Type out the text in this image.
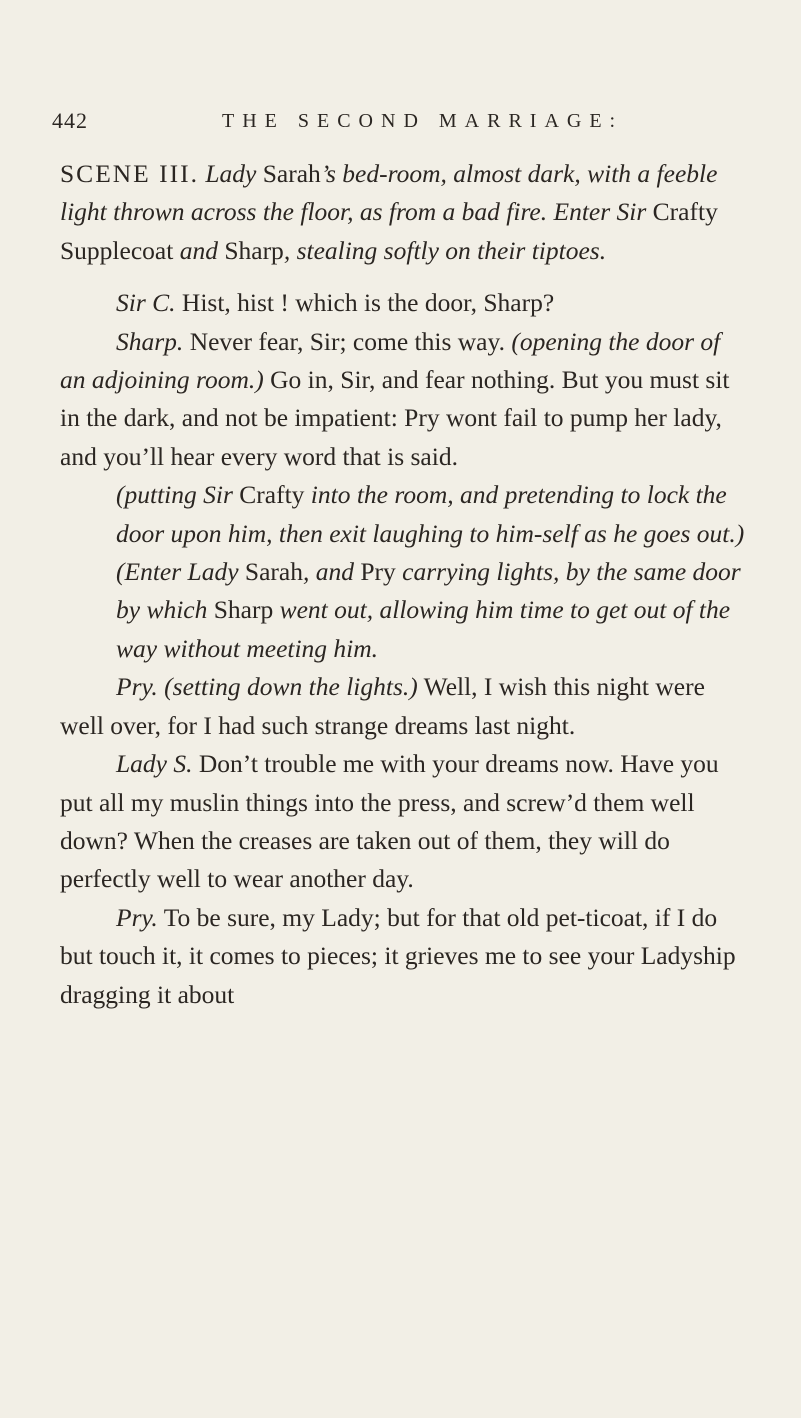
442	THE SECOND MARRIAGE:

SCENE III. Lady Sarah’s bed-room, almost dark, with a feeble light thrown across the floor, as from a bad fire. Enter Sir Crafty Supplecoat and Sharp, stealing softly on their tiptoes.

Sir C. Hist, hist ! which is the door, Sharp?

Sharp. Never fear, Sir; come this way. (opening the door of an adjoining room.) Go in, Sir, and fear nothing. But you must sit in the dark, and not be impatient: Pry wont fail to pump her lady, and you’ll hear every word that is said.

(putting Sir Crafty into the room, and pretending to lock the door upon him, then exit laughing to him-self as he goes out.)

(Enter Lady Sarah, and Pry carrying lights, by the same door by which Sharp went out, allowing him time to get out of the way without meeting him.

Pry. (setting down the lights.) Well, I wish this night were well over, for I had such strange dreams last night.

Lady S. Don’t trouble me with your dreams now. Have you put all my muslin things into the press, and screw’d them well down? When the creases are taken out of them, they will do perfectly well to wear another day.

Pry. To be sure, my Lady; but for that old pet-ticoat, if I do but touch it, it comes to pieces; it grieves me to see your Ladyship dragging it about
